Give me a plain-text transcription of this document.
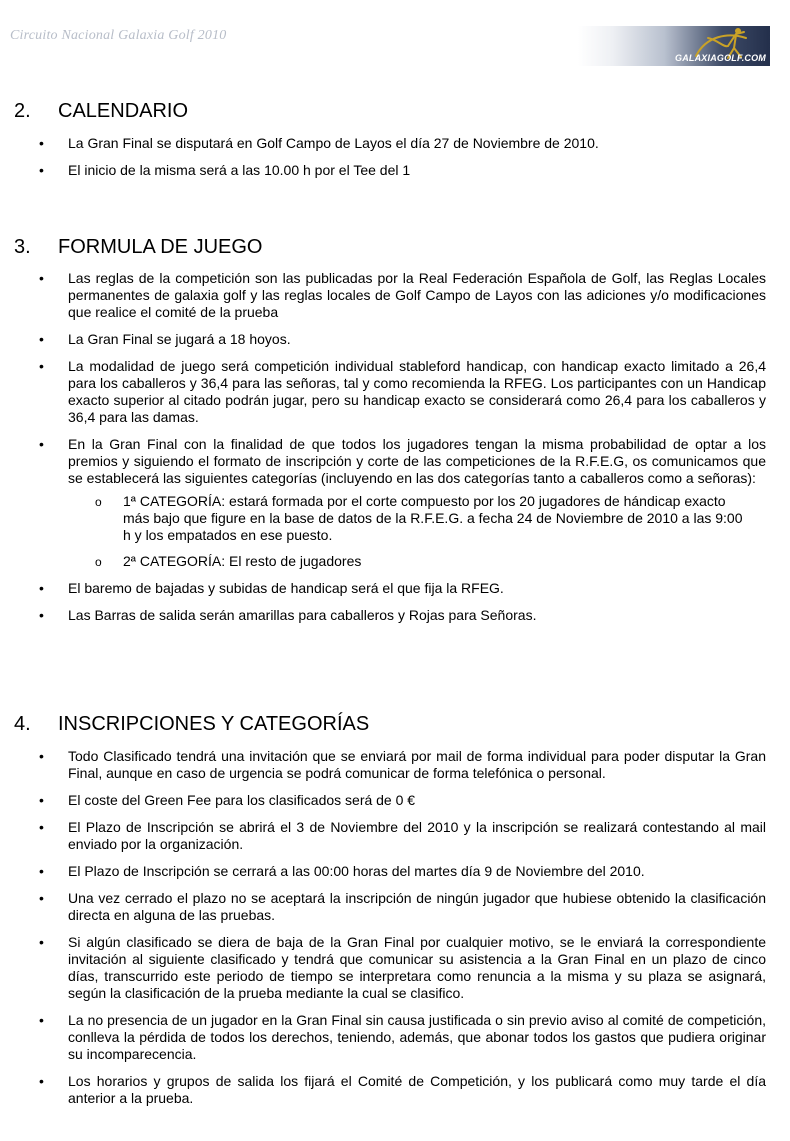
Circuito Nacional Galaxia Golf 2010
GALAXIAGOLF.COM
2. CALENDARIO
• La Gran Final se disputará en Golf Campo de Layos el día 27 de Noviembre de 2010.
• El inicio de la misma será a las 10.00 h por el Tee del 1
3. FORMULA DE JUEGO
• Las reglas de la competición son las publicadas por la Real Federación Española de Golf, las Reglas Locales permanentes de galaxia golf y las reglas locales de Golf Campo de Layos con las adiciones y/o modificaciones que realice el comité de la prueba
• La Gran Final se jugará a 18 hoyos.
• La modalidad de juego será competición individual stableford handicap, con handicap exacto limitado a 26,4 para los caballeros y 36,4 para las señoras, tal y como recomienda la RFEG. Los participantes con un Handicap exacto superior al citado podrán jugar, pero su handicap exacto se considerará como 26,4 para los caballeros y 36,4 para las damas.
• En la Gran Final con la finalidad de que todos los jugadores tengan la misma probabilidad de optar a los premios y siguiendo el formato de inscripción y corte de las competiciones de la R.F.E.G, os comunicamos que se establecerá las siguientes categorías (incluyendo en las dos categorías tanto a caballeros como a señoras):
o 1ª CATEGORÍA: estará formada por el corte compuesto por los 20 jugadores de hándicap exacto más bajo que figure en la base de datos de la R.F.E.G. a fecha 24 de Noviembre de 2010 a las 9:00 h y los empatados en ese puesto.
o 2ª CATEGORÍA: El resto de jugadores
• El baremo de bajadas y subidas de handicap será el que fija la RFEG.
• Las Barras de salida serán amarillas para caballeros y Rojas para Señoras.
4. INSCRIPCIONES Y CATEGORÍAS
• Todo Clasificado tendrá una invitación que se enviará por mail de forma individual para poder disputar la Gran Final, aunque en caso de urgencia se podrá comunicar de forma telefónica o personal.
• El coste del Green Fee para los clasificados será de 0 €
• El Plazo de Inscripción se abrirá el 3 de Noviembre del 2010 y la inscripción se realizará contestando al mail enviado por la organización.
• El Plazo de Inscripción se cerrará a las 00:00 horas del martes día 9 de Noviembre del 2010.
• Una vez cerrado el plazo no se aceptará la inscripción de ningún jugador que hubiese obtenido la clasificación directa en alguna de las pruebas.
• Si algún clasificado se diera de baja de la Gran Final por cualquier motivo, se le enviará la correspondiente invitación al siguiente clasificado y tendrá que comunicar su asistencia a la Gran Final en un plazo de cinco días, transcurrido este periodo de tiempo se interpretara como renuncia a la misma y su plaza se asignará, según la clasificación de la prueba mediante la cual se clasifico.
• La no presencia de un jugador en la Gran Final sin causa justificada o sin previo aviso al comité de competición, conlleva la pérdida de todos los derechos, teniendo, además, que abonar todos los gastos que pudiera originar su incomparecencia.
• Los horarios y grupos de salida los fijará el Comité de Competición, y los publicará como muy tarde el día anterior a la prueba.
